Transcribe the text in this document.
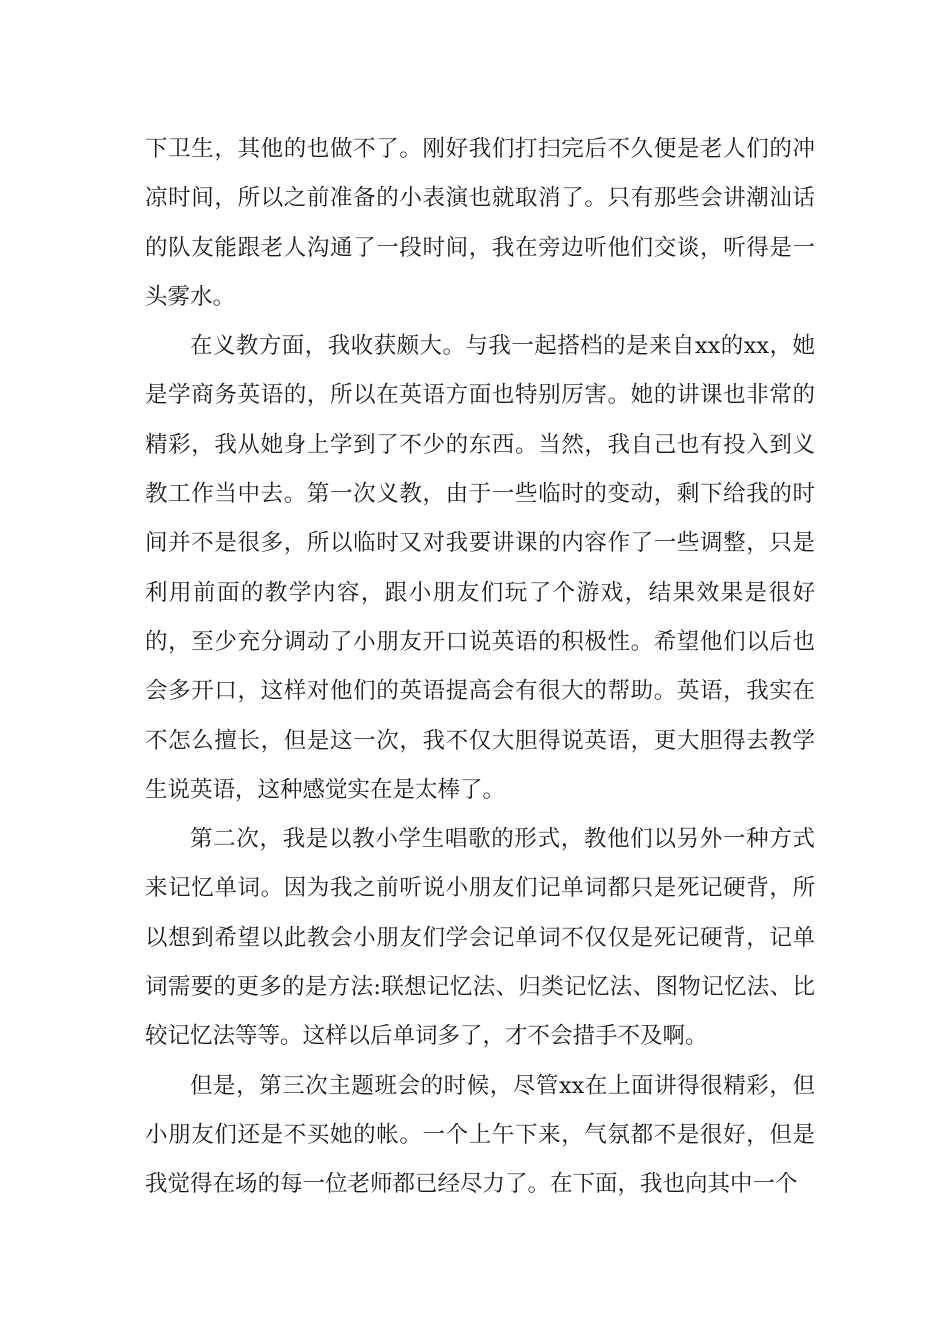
下卫生，其他的也做不了。刚好我们打扫完后不久便是老人们的冲凉时间，所以之前准备的小表演也就取消了。只有那些会讲潮汕话的队友能跟老人沟通了一段时间，我在旁边听他们交谈，听得是一头雾水。

在义教方面，我收获颇大。与我一起搭档的是来自xx的xx，她是学商务英语的，所以在英语方面也特别厉害。她的讲课也非常的精彩，我从她身上学到了不少的东西。当然，我自己也有投入到义教工作当中去。第一次义教，由于一些临时的变动，剩下给我的时间并不是很多，所以临时又对我要讲课的内容作了一些调整，只是利用前面的教学内容，跟小朋友们玩了个游戏，结果效果是很好的，至少充分调动了小朋友开口说英语的积极性。希望他们以后也会多开口，这样对他们的英语提高会有很大的帮助。英语，我实在不怎么擅长，但是这一次，我不仅大胆得说英语，更大胆得去教学生说英语，这种感觉实在是太棒了。

第二次，我是以教小学生唱歌的形式，教他们以另外一种方式来记忆单词。因为我之前听说小朋友们记单词都只是死记硬背，所以想到希望以此教会小朋友们学会记单词不仅仅是死记硬背，记单词需要的更多的是方法:联想记忆法、归类记忆法、图物记忆法、比较记忆法等等。这样以后单词多了，才不会措手不及啊。

但是，第三次主题班会的时候，尽管xx在上面讲得很精彩，但小朋友们还是不买她的帐。一个上午下来，气氛都不是很好，但是我觉得在场的每一位老师都已经尽力了。在下面，我也向其中一个
